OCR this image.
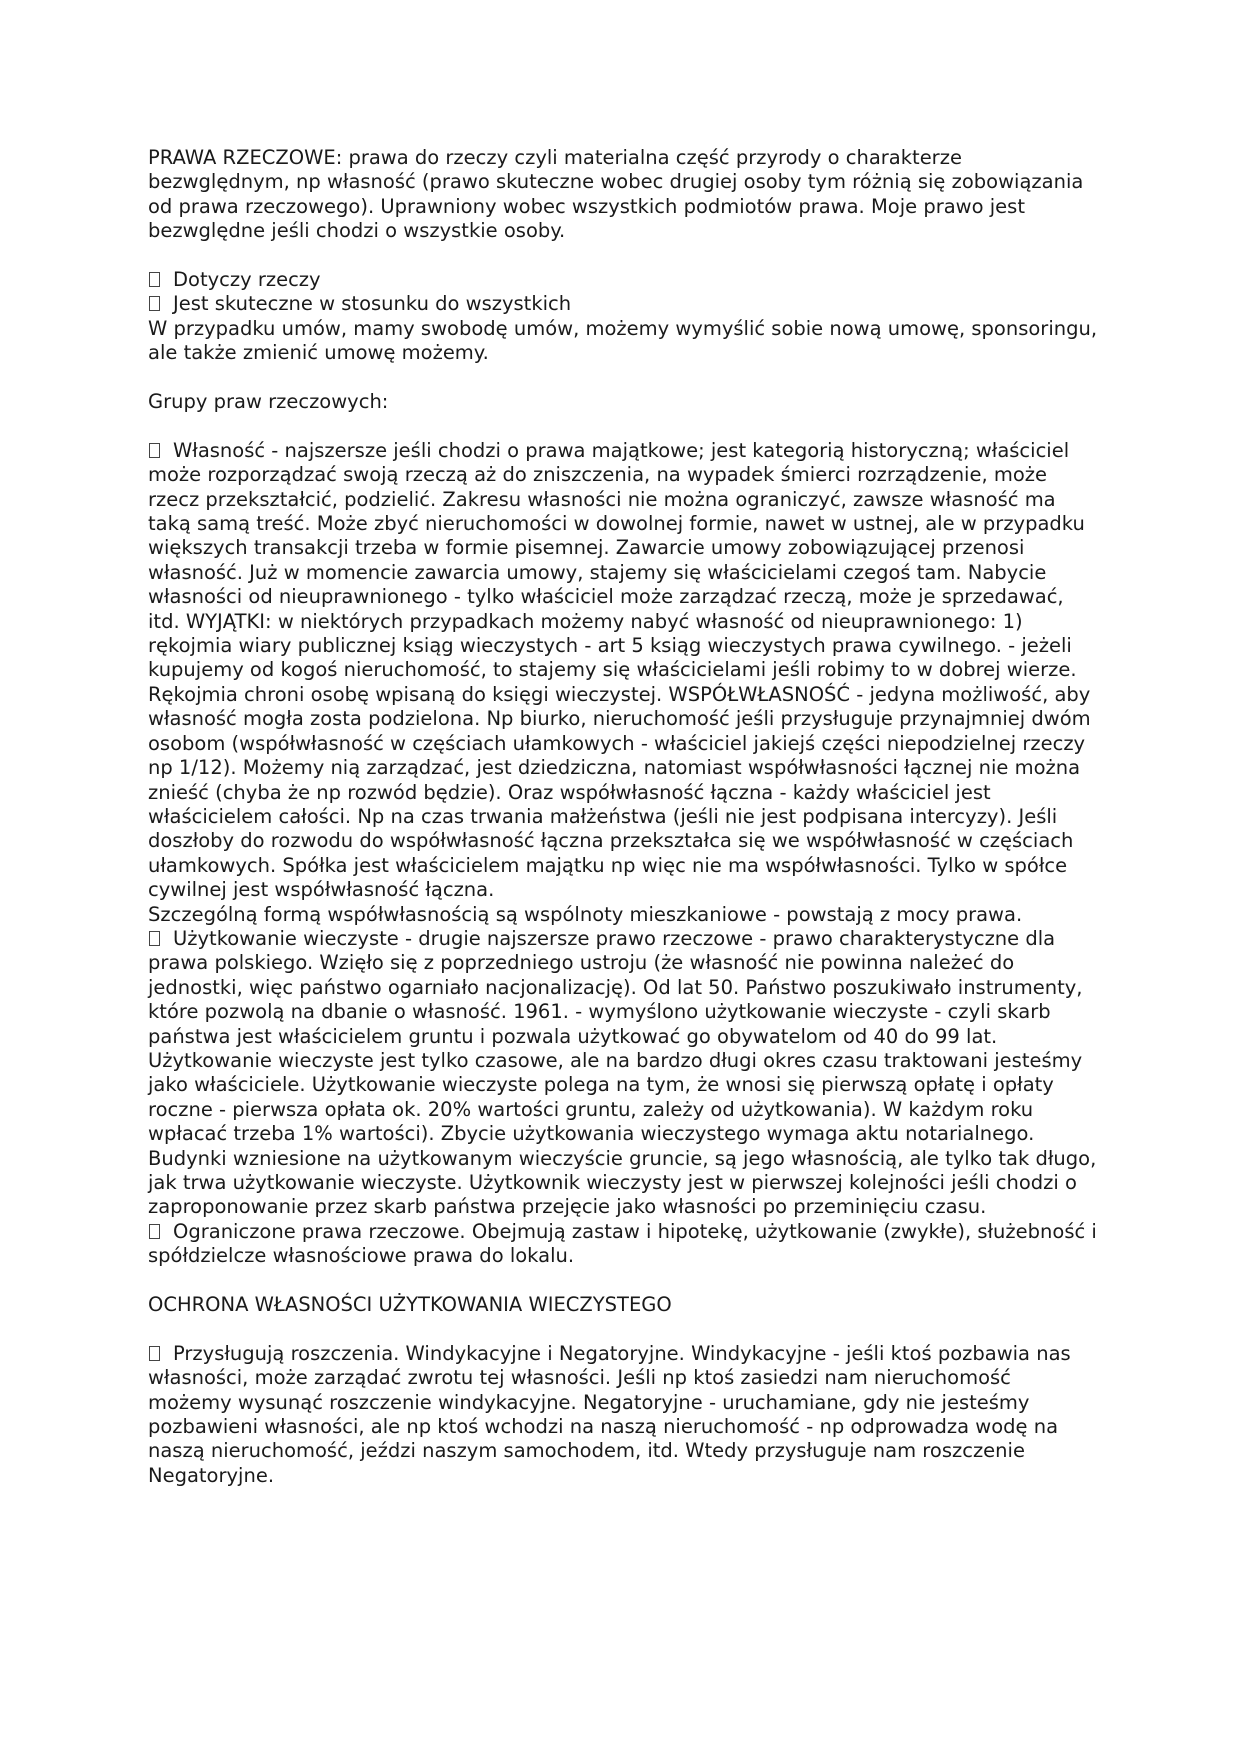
PRAWA RZECZOWE: prawa do rzeczy czyli materialna część przyrody o charakterze bezwględnym, np własność (prawo skuteczne wobec drugiej osoby tym różnią się zobowiązania od prawa rzeczowego). Uprawniony wobec wszystkich podmiotów prawa. Moje prawo jest bezwględne jeśli chodzi o wszystkie osoby.

Dotyczy rzeczy

Jest skuteczne w stosunku do wszystkich

W przypadku umów, mamy swobodę umów, możemy wymyślić sobie nową umowę, sponsoringu, ale także zmienić umowę możemy.

Grupy praw rzeczowych:

Własność - najszersze jeśli chodzi o prawa majątkowe; jest kategorią historyczną; właściciel może rozporządzać swoją rzeczą aż do zniszczenia, na wypadek śmierci rozrządzenie, może rzecz przekształcić, podzielić. Zakresu własności nie można ograniczyć, zawsze własność ma taką samą treść. Może zbyć nieruchomości w dowolnej formie, nawet w ustnej, ale w przypadku większych transakcji trzeba w formie pisemnej. Zawarcie umowy zobowiązującej przenosi własność. Już w momencie zawarcia umowy, stajemy się właścicielami czegoś tam. Nabycie własności od nieuprawnionego - tylko właściciel może zarządzać rzeczą, może je sprzedawać, itd. WYJĄTKI: w niektórych przypadkach możemy nabyć własność od nieuprawnionego: 1) rękojmia wiary publicznej ksiąg wieczystych - art 5 ksiąg wieczystych prawa cywilnego. - jeżeli kupujemy od kogoś nieruchomość, to stajemy się właścicielami jeśli robimy to w dobrej wierze. Rękojmia chroni osobę wpisaną do księgi wieczystej. WSPÓŁWŁASNOŚĆ - jedyna możliwość, aby własność mogła zosta podzielona. Np biurko, nieruchomość jeśli przysługuje przynajmniej dwóm osobom (współwłasność w częściach ułamkowych - właściciel jakiejś części niepodzielnej rzeczy np 1/12). Możemy nią zarządzać, jest dziedziczna, natomiast współwłasności łącznej nie można znieść (chyba że np rozwód będzie). Oraz współwłasność łączna - każdy właściciel jest właścicielem całości. Np na czas trwania małżeństwa (jeśli nie jest podpisana intercyzy). Jeśli doszłoby do rozwodu do współwłasność łączna przekształca się we współwłasność w częściach ułamkowych. Spółka jest właścicielem majątku np więc nie ma współwłasności. Tylko w spółce cywilnej jest współwłasność łączna.

Szczególną formą współwłasnością są wspólnoty mieszkaniowe - powstają z mocy prawa.

Użytkowanie wieczyste - drugie najszersze prawo rzeczowe - prawo charakterystyczne dla prawa polskiego. Wzięło się z poprzedniego ustroju (że własność nie powinna należeć do jednostki, więc państwo ogarniało nacjonalizację). Od lat 50. Państwo poszukiwało instrumenty, które pozwolą na dbanie o własność. 1961. - wymyślono użytkowanie wieczyste - czyli skarb państwa jest właścicielem gruntu i pozwala użytkować go obywatelom od 40 do 99 lat. Użytkowanie wieczyste jest tylko czasowe, ale na bardzo długi okres czasu traktowani jesteśmy jako właściciele. Użytkowanie wieczyste polega na tym, że wnosi się pierwszą opłatę i opłaty roczne - pierwsza opłata ok. 20% wartości gruntu, zależy od użytkowania). W każdym roku wpłacać trzeba 1% wartości). Zbycie użytkowania wieczystego wymaga aktu notarialnego. Budynki wzniesione na użytkowanym wieczyście gruncie, są jego własnością, ale tylko tak długo, jak trwa użytkowanie wieczyste. Użytkownik wieczysty jest w pierwszej kolejności jeśli chodzi o zaproponowanie przez skarb państwa przejęcie jako własności po przeminięciu czasu.

Ograniczone prawa rzeczowe. Obejmują zastaw i hipotekę, użytkowanie (zwykłe), służebność i spółdzielcze własnościowe prawa do lokalu.

OCHRONA WŁASNOŚCI UŻYTKOWANIA WIECZYSTEGO

Przysługują roszczenia. Windykacyjne i Negatoryjne. Windykacyjne - jeśli ktoś pozbawia nas własności, może zarządać zwrotu tej własności. Jeśli np ktoś zasiedzi nam nieruchomość możemy wysunąć roszczenie windykacyjne. Negatoryjne - uruchamiane, gdy nie jesteśmy pozbawieni własności, ale np ktoś wchodzi na naszą nieruchomość - np odprowadza wodę na naszą nieruchomość, jeździ naszym samochodem, itd. Wtedy przysługuje nam roszczenie Negatoryjne.
